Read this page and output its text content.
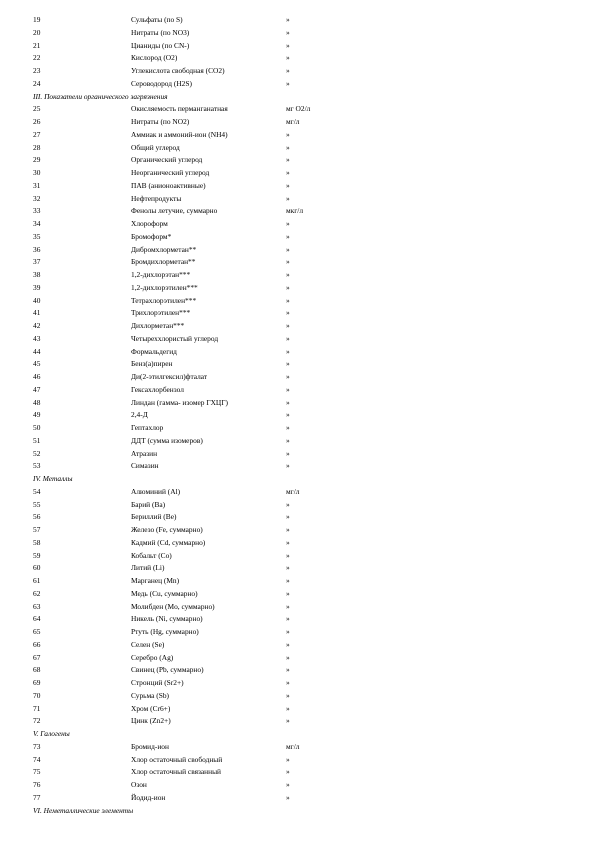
19	Сульфаты (по S)	»
20	Нитраты (по NO3)	»
21	Цианиды (по CN-)	»
22	Кислород (O2)	»
23	Углекислота свободная (CO2)	»
24	Сероводород (H2S)	»
III. Показатели органического загрязнения
25	Окисляемость перманганатная	мг O2/л
26	Нитраты (по NO2)	мг/л
27	Аммиак и аммоний-ион (NH4)	»
28	Общий углерод	»
29	Органический углерод	»
30	Неорганический углерод	»
31	ПАВ (анионоактивные)	»
32	Нефтепродукты	»
33	Фенолы летучие, суммарно	мкг/л
34	Хлороформ	»
35	Бромоформ*	»
36	Дибромхлорметан**	»
37	Бромдихлорметан**	»
38	1,2-дихлорэтан***	»
39	1,2-дихлорэтилен***	»
40	Тетрахлорэтилен***	»
41	Трихлорэтилен***	»
42	Дихлорметан***	»
43	Четыреххлористый углерод	»
44	Формальдегид	»
45	Бенз(а)пирен	»
46	Ди(2-этилгексил)фталат	»
47	Гексахлорбензол	»
48	Линдан (гамма- изомер ГХЦГ)	»
49	2,4-Д	»
50	Гептахлор	»
51	ДДТ (сумма изомеров)	»
52	Атразин	»
53	Симазин	»
IV. Металлы
54	Алюминий (Al)	мг/л
55	Барий (Ba)	»
56	Бериллий (Be)	»
57	Железо (Fe, суммарно)	»
58	Кадмий (Cd, суммарно)	»
59	Кобальт (Co)	»
60	Литий (Li)	»
61	Марганец (Mn)	»
62	Медь (Cu, суммарно)	»
63	Молибден (Mo, суммарно)	»
64	Никель (Ni, суммарно)	»
65	Ртуть (Hg, суммарно)	»
66	Селен (Se)	»
67	Серебро (Ag)	»
68	Свинец (Pb, суммарно)	»
69	Стронций (Sr2+)	»
70	Сурьма (Sb)	»
71	Хром (Cr6+)	»
72	Цинк (Zn2+)	»
V. Галогены
73	Бромид-ион	мг/л
74	Хлор остаточный свободный	»
75	Хлор остаточный связанный	»
76	Озон	»
77	Йодид-ион	»
VI. Неметаллические элементы
